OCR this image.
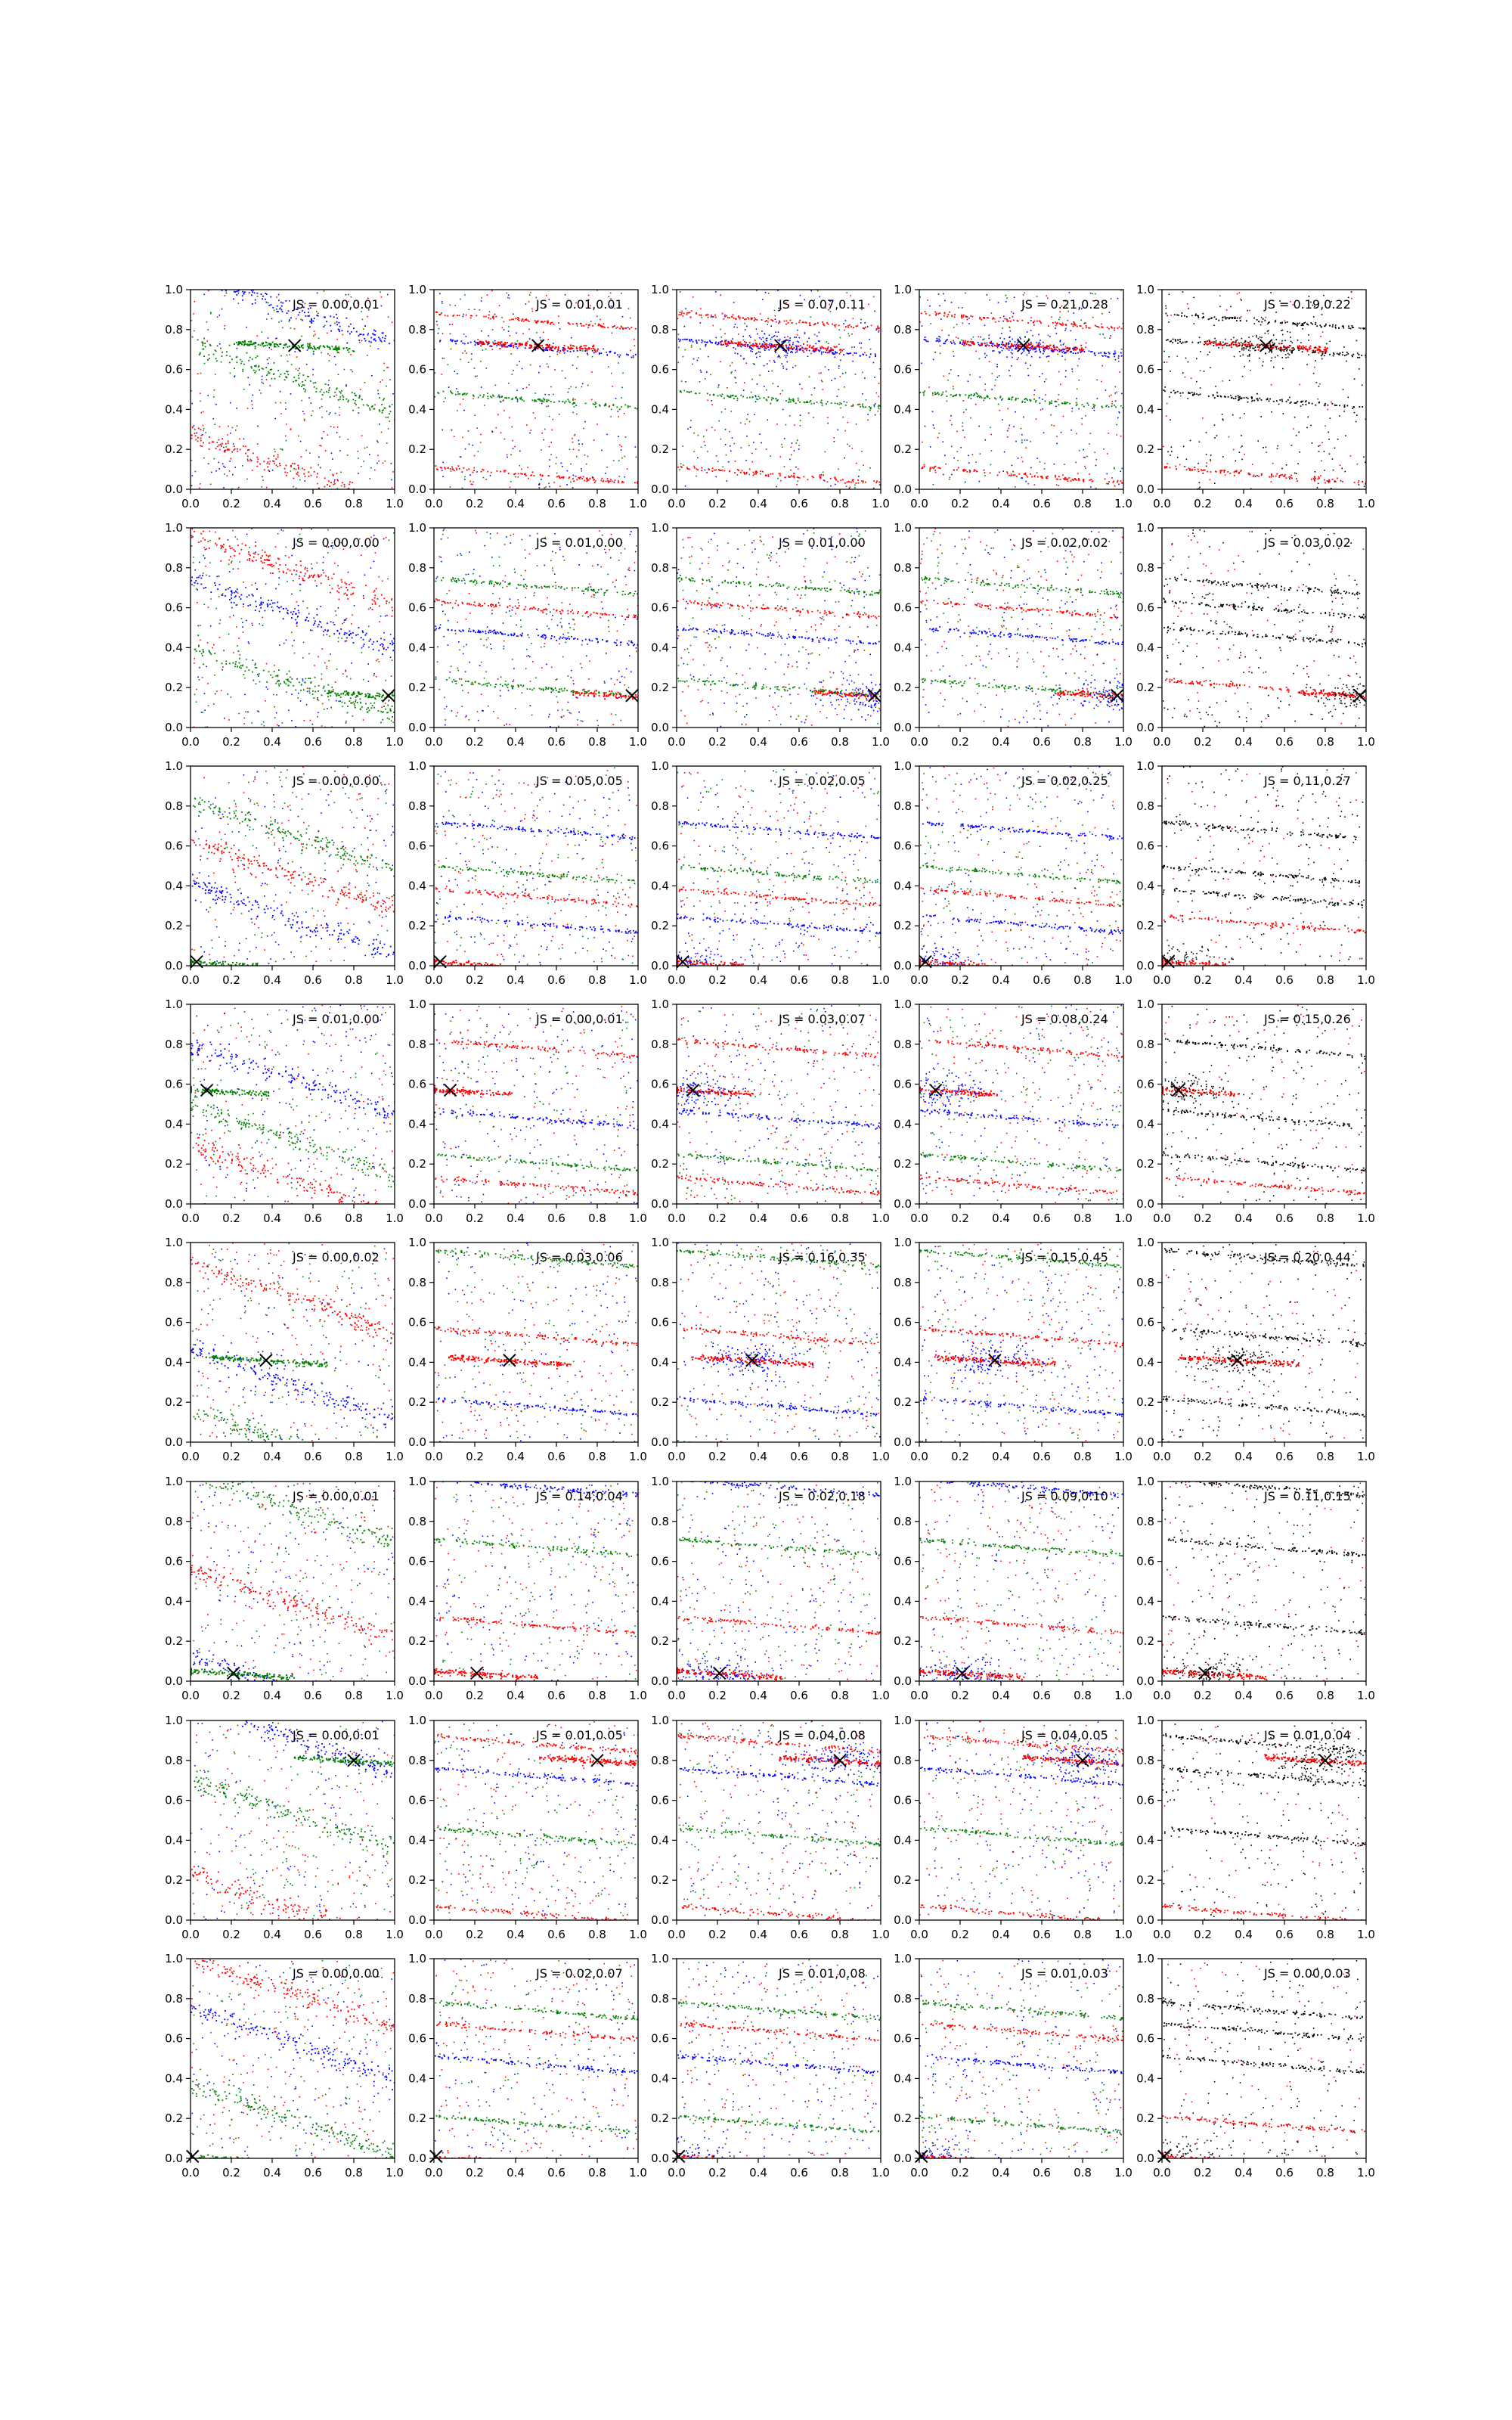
0.0
0.0
0.2
0.2
0.4
0.4
0.6
0.6
0.8
0.8
1.0
1.0
JS = 0.00,0.01
0.0
0.0
0.2
0.2
0.4
0.4
0.6
0.6
0.8
0.8
1.0
1.0
JS = 0.01,0.01
0.0
0.0
0.2
0.2
0.4
0.4
0.6
0.6
0.8
0.8
1.0
1.0
JS = 0.07,0.11
0.0
0.0
0.2
0.2
0.4
0.4
0.6
0.6
0.8
0.8
1.0
1.0
JS = 0.21,0.28
0.0
0.0
0.2
0.2
0.4
0.4
0.6
0.6
0.8
0.8
1.0
1.0
JS = 0.19,0.22
0.0
0.0
0.2
0.2
0.4
0.4
0.6
0.6
0.8
0.8
1.0
1.0
JS = 0.00,0.00
0.0
0.0
0.2
0.2
0.4
0.4
0.6
0.6
0.8
0.8
1.0
1.0
JS = 0.01,0.00
0.0
0.0
0.2
0.2
0.4
0.4
0.6
0.6
0.8
0.8
1.0
1.0
JS = 0.01,0.00
0.0
0.0
0.2
0.2
0.4
0.4
0.6
0.6
0.8
0.8
1.0
1.0
JS = 0.02,0.02
0.0
0.0
0.2
0.2
0.4
0.4
0.6
0.6
0.8
0.8
1.0
1.0
JS = 0.03,0.02
0.0
0.0
0.2
0.2
0.4
0.4
0.6
0.6
0.8
0.8
1.0
1.0
JS = 0.00,0.00
0.0
0.0
0.2
0.2
0.4
0.4
0.6
0.6
0.8
0.8
1.0
1.0
JS = 0.05,0.05
0.0
0.0
0.2
0.2
0.4
0.4
0.6
0.6
0.8
0.8
1.0
1.0
JS = 0.02,0.05
0.0
0.0
0.2
0.2
0.4
0.4
0.6
0.6
0.8
0.8
1.0
1.0
JS = 0.02,0.25
0.0
0.0
0.2
0.2
0.4
0.4
0.6
0.6
0.8
0.8
1.0
1.0
JS = 0.11,0.27
0.0
0.0
0.2
0.2
0.4
0.4
0.6
0.6
0.8
0.8
1.0
1.0
JS = 0.01,0.00
0.0
0.0
0.2
0.2
0.4
0.4
0.6
0.6
0.8
0.8
1.0
1.0
JS = 0.00,0.01
0.0
0.0
0.2
0.2
0.4
0.4
0.6
0.6
0.8
0.8
1.0
1.0
JS = 0.03,0.07
0.0
0.0
0.2
0.2
0.4
0.4
0.6
0.6
0.8
0.8
1.0
1.0
JS = 0.08,0.24
0.0
0.0
0.2
0.2
0.4
0.4
0.6
0.6
0.8
0.8
1.0
1.0
JS = 0.15,0.26
0.0
0.0
0.2
0.2
0.4
0.4
0.6
0.6
0.8
0.8
1.0
1.0
JS = 0.00,0.02
0.0
0.0
0.2
0.2
0.4
0.4
0.6
0.6
0.8
0.8
1.0
1.0
JS = 0.03,0.06
0.0
0.0
0.2
0.2
0.4
0.4
0.6
0.6
0.8
0.8
1.0
1.0
JS = 0.16,0.35
0.0
0.0
0.2
0.2
0.4
0.4
0.6
0.6
0.8
0.8
1.0
1.0
JS = 0.15,0.45
0.0
0.0
0.2
0.2
0.4
0.4
0.6
0.6
0.8
0.8
1.0
1.0
JS = 0.20,0.44
0.0
0.0
0.2
0.2
0.4
0.4
0.6
0.6
0.8
0.8
1.0
1.0
JS = 0.00,0.01
0.0
0.0
0.2
0.2
0.4
0.4
0.6
0.6
0.8
0.8
1.0
1.0
JS = 0.14,0.04
0.0
0.0
0.2
0.2
0.4
0.4
0.6
0.6
0.8
0.8
1.0
1.0
JS = 0.02,0.18
0.0
0.0
0.2
0.2
0.4
0.4
0.6
0.6
0.8
0.8
1.0
1.0
JS = 0.09,0.10
0.0
0.0
0.2
0.2
0.4
0.4
0.6
0.6
0.8
0.8
1.0
1.0
JS = 0.11,0.15
0.0
0.0
0.2
0.2
0.4
0.4
0.6
0.6
0.8
0.8
1.0
1.0
JS = 0.00,0.01
0.0
0.0
0.2
0.2
0.4
0.4
0.6
0.6
0.8
0.8
1.0
1.0
JS = 0.01,0.05
0.0
0.0
0.2
0.2
0.4
0.4
0.6
0.6
0.8
0.8
1.0
1.0
JS = 0.04,0.08
0.0
0.0
0.2
0.2
0.4
0.4
0.6
0.6
0.8
0.8
1.0
1.0
JS = 0.04,0.05
0.0
0.0
0.2
0.2
0.4
0.4
0.6
0.6
0.8
0.8
1.0
1.0
JS = 0.01,0.04
0.0
0.0
0.2
0.2
0.4
0.4
0.6
0.6
0.8
0.8
1.0
1.0
JS = 0.00,0.00
0.0
0.0
0.2
0.2
0.4
0.4
0.6
0.6
0.8
0.8
1.0
1.0
JS = 0.02,0.07
0.0
0.0
0.2
0.2
0.4
0.4
0.6
0.6
0.8
0.8
1.0
1.0
JS = 0.01,0.08
0.0
0.0
0.2
0.2
0.4
0.4
0.6
0.6
0.8
0.8
1.0
1.0
JS = 0.01,0.03
0.0
0.0
0.2
0.2
0.4
0.4
0.6
0.6
0.8
0.8
1.0
1.0
JS = 0.00,0.03
